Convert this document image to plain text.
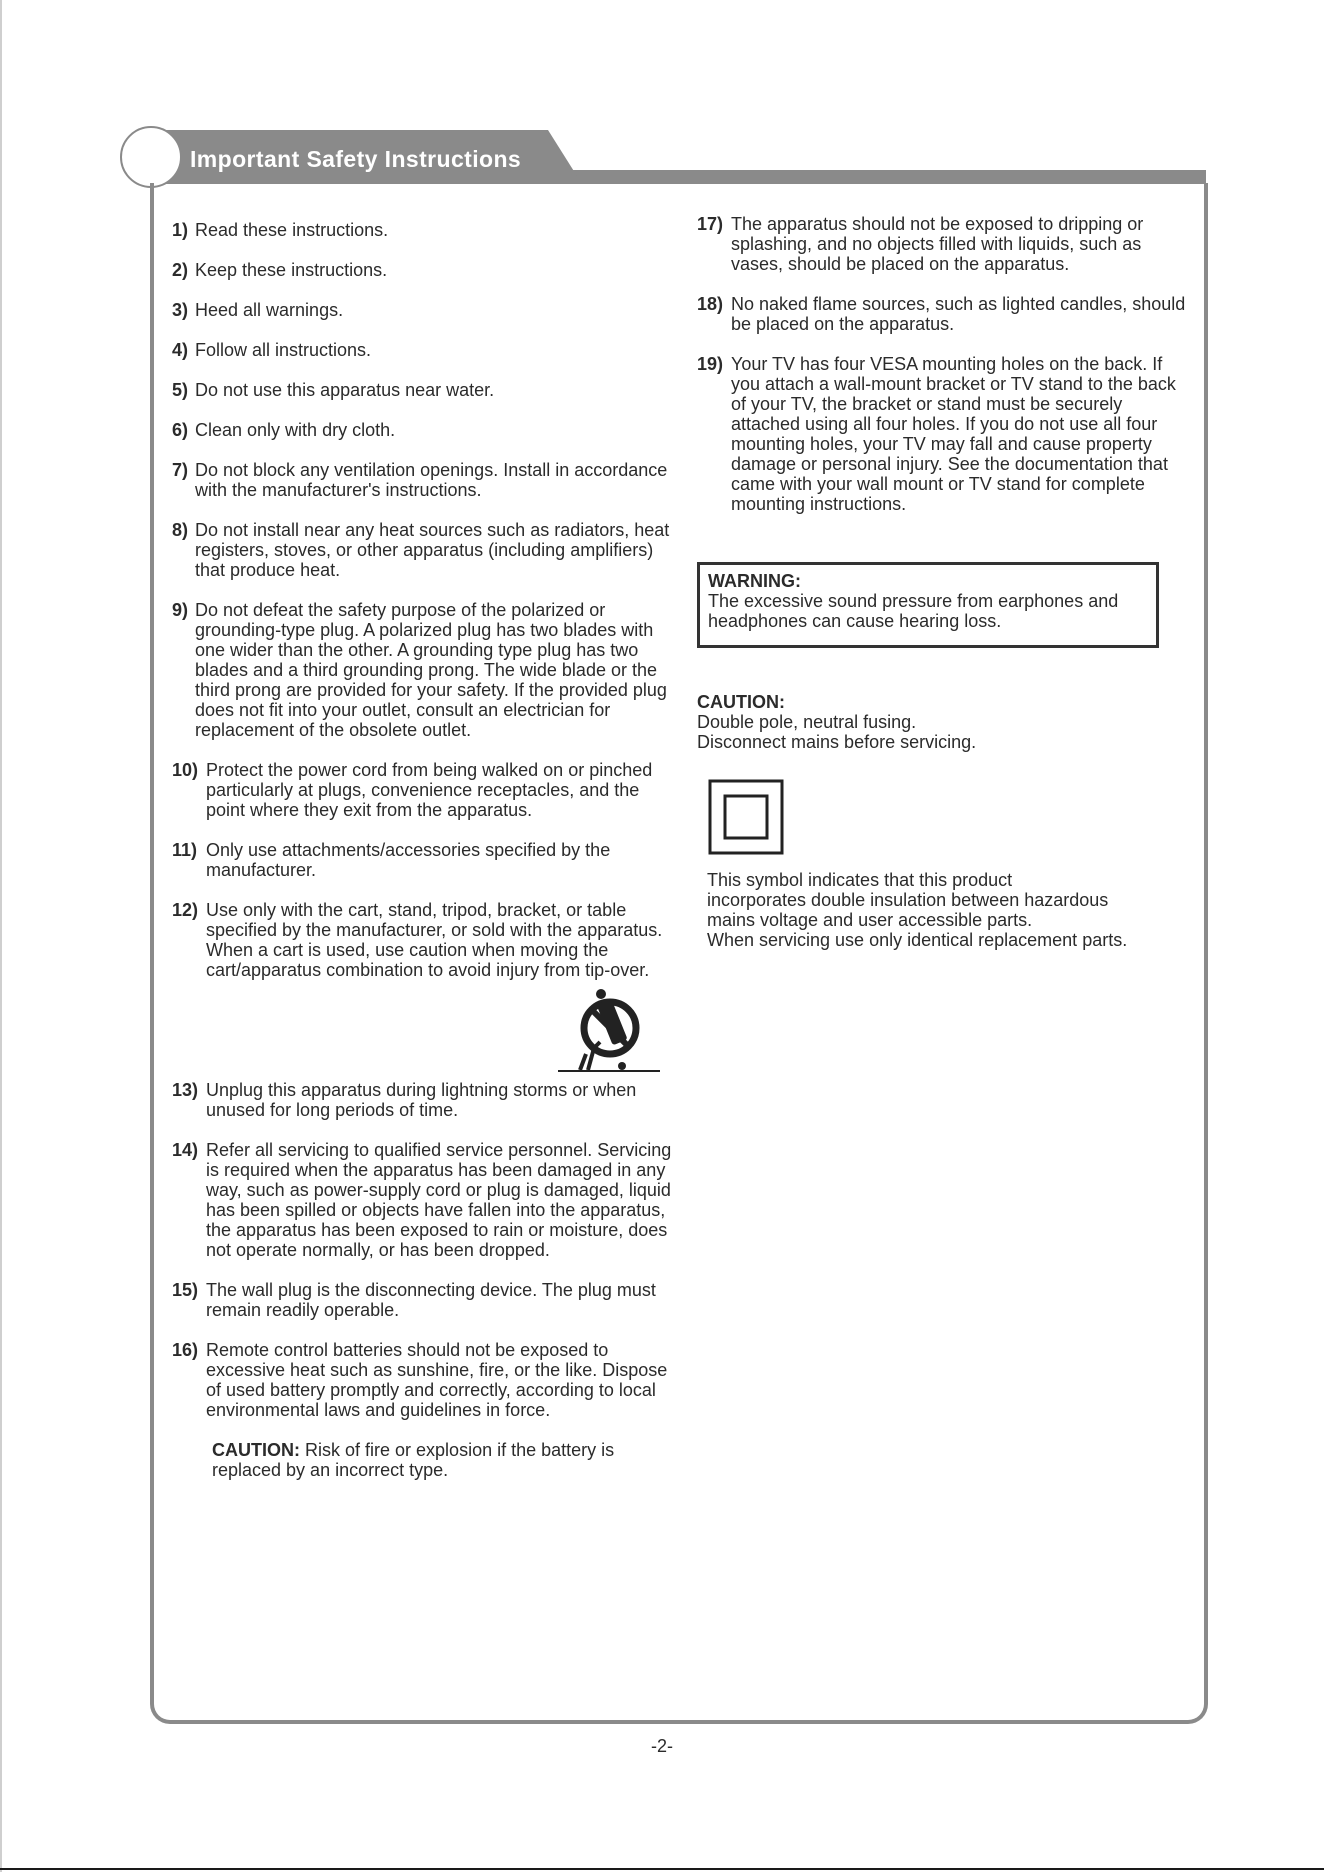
Important Safety Instructions
1) Read these instructions.

2) Keep these instructions.

3) Heed all warnings.

4) Follow all instructions.

5) Do not use this apparatus near water.

6) Clean only with dry cloth.

7) Do not block any ventilation openings. Install in accordance with the manufacturer's instructions.

8) Do not install near any heat sources such as radiators, heat registers, stoves, or other apparatus (including amplifiers) that produce heat.

9) Do not defeat the safety purpose of the polarized or grounding-type plug. A polarized plug has two blades with one wider than the other. A grounding type plug has two blades and a third grounding prong. The wide blade or the third prong are provided for your safety. If the provided plug does not fit into your outlet, consult an electrician for replacement of the obsolete outlet.

10) Protect the power cord from being walked on or pinched particularly at plugs, convenience receptacles, and the point where they exit from the apparatus.

11) Only use attachments/accessories specified by the manufacturer.

12) Use only with the cart, stand, tripod, bracket, or table specified by the manufacturer, or sold with the apparatus. When a cart is used, use caution when moving the cart/apparatus combination to avoid injury from tip-over.

13) Unplug this apparatus during lightning storms or when unused for long periods of time.

14) Refer all servicing to qualified service personnel. Servicing is required when the apparatus has been damaged in any way, such as power-supply cord or plug is damaged, liquid has been spilled or objects have fallen into the apparatus, the apparatus has been exposed to rain or moisture, does not operate normally, or has been dropped.

15) The wall plug is the disconnecting device. The plug must remain readily operable.

16) Remote control batteries should not be exposed to excessive heat such as sunshine, fire, or the like. Dispose of used battery promptly and correctly, according to local environmental laws and guidelines in force.

CAUTION: Risk of fire or explosion if the battery is replaced by an incorrect type.
17) The apparatus should not be exposed to dripping or splashing, and no objects filled with liquids, such as vases, should be placed on the apparatus.

18) No naked flame sources, such as lighted candles, should be placed on the apparatus.

19) Your TV has four VESA mounting holes on the back. If you attach a wall-mount bracket or TV stand to the back of your TV, the bracket or stand must be securely attached using all four holes. If you do not use all four mounting holes, your TV may fall and cause property damage or personal injury. See the documentation that came with your wall mount or TV stand for complete mounting instructions.

WARNING:
The excessive sound pressure from earphones and headphones can cause hearing loss.
CAUTION:
Double pole, neutral fusing.
Disconnect mains before servicing.
This symbol indicates that this product
incorporates double insulation between hazardous
mains voltage and user accessible parts.
When servicing use only identical replacement parts.
-2-
